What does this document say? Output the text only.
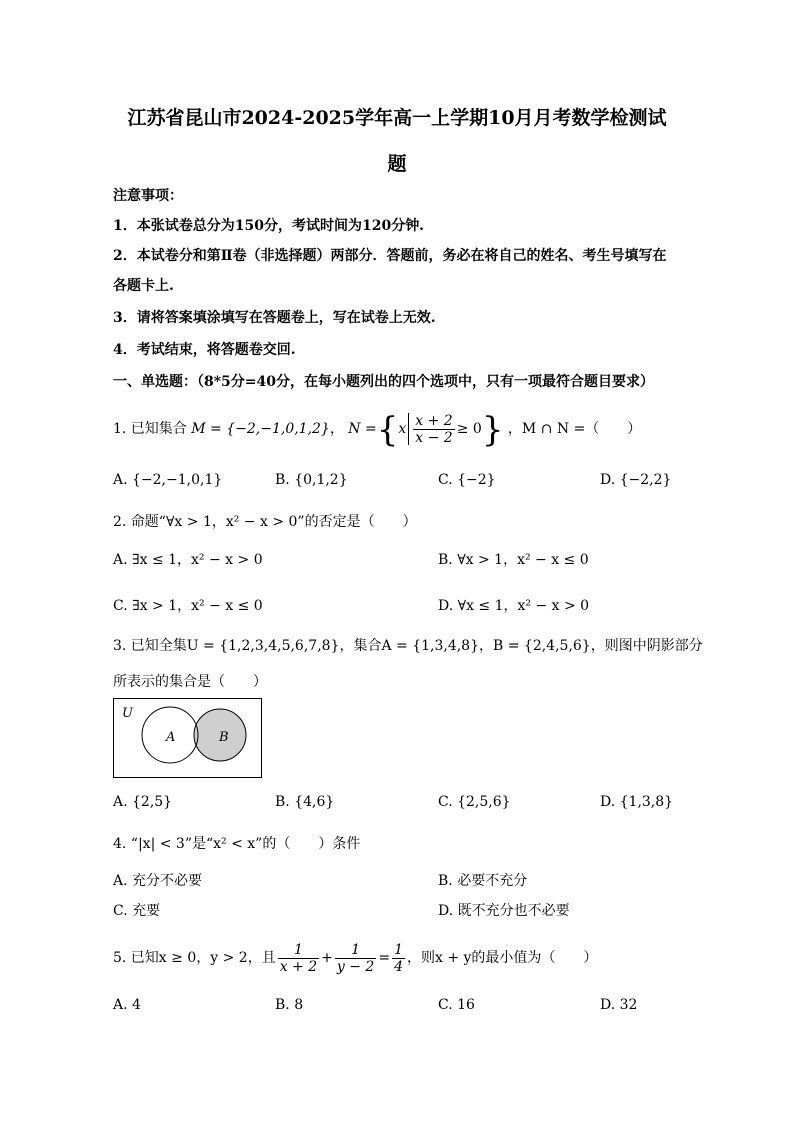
江苏省昆山市2024-2025学年高一上学期10月月考数学检测试
题
注意事项：
1．本张试卷总分为150分，考试时间为120分钟.
2．本试卷分和第Ⅱ卷（非选择题）两部分．答题前，务必在将自己的姓名、考生号填写在
各题卡上.
3．请将答案填涂填写在答题卷上，写在试卷上无效.
4．考试结束，将答题卷交回.
一、单选题：（8*5分=40分，在每小题列出的四个选项中，只有一项最符合题目要求）
1. 已知集合 M = {−2,−1,0,1,2}， $N =\{x \frac{x + 2}{x - 2} \ge 0\}$ ，M ∩ N =（　　）
A. {−2,−1,0,1}	B. {0,1,2}	C. {−2}	D. {−2,2}
2. 命题“∀x > 1，x² − x > 0”的否定是（　　）
A. ∃x ≤ 1，x² − x > 0	B. ∀x > 1，x² − x ≤ 0
C. ∃x > 1，x² − x ≤ 0	D. ∀x ≤ 1，x² − x > 0
3. 已知全集U = {1,2,3,4,5,6,7,8}，集合A = {1,3,4,8}，B = {2,4,5,6}，则图中阴影部分
所表示的集合是（　　）
U
A	B
A. {2,5}	B. {4,6}	C. {2,5,6}	D. {1,3,8}
4. “|x| < 3”是“x² < x”的（　　）条件
A. 充分不必要	B. 必要不充分
C. 充要	D. 既不充分也不必要
5. 已知x ≥ 0，y > 2，且 $\frac{1}{x + 2} + \frac{1}{y - 2} = \frac{1}{4}$ ，则x + y的最小值为（　　）
A. 4	B. 8	C. 16	D. 32
